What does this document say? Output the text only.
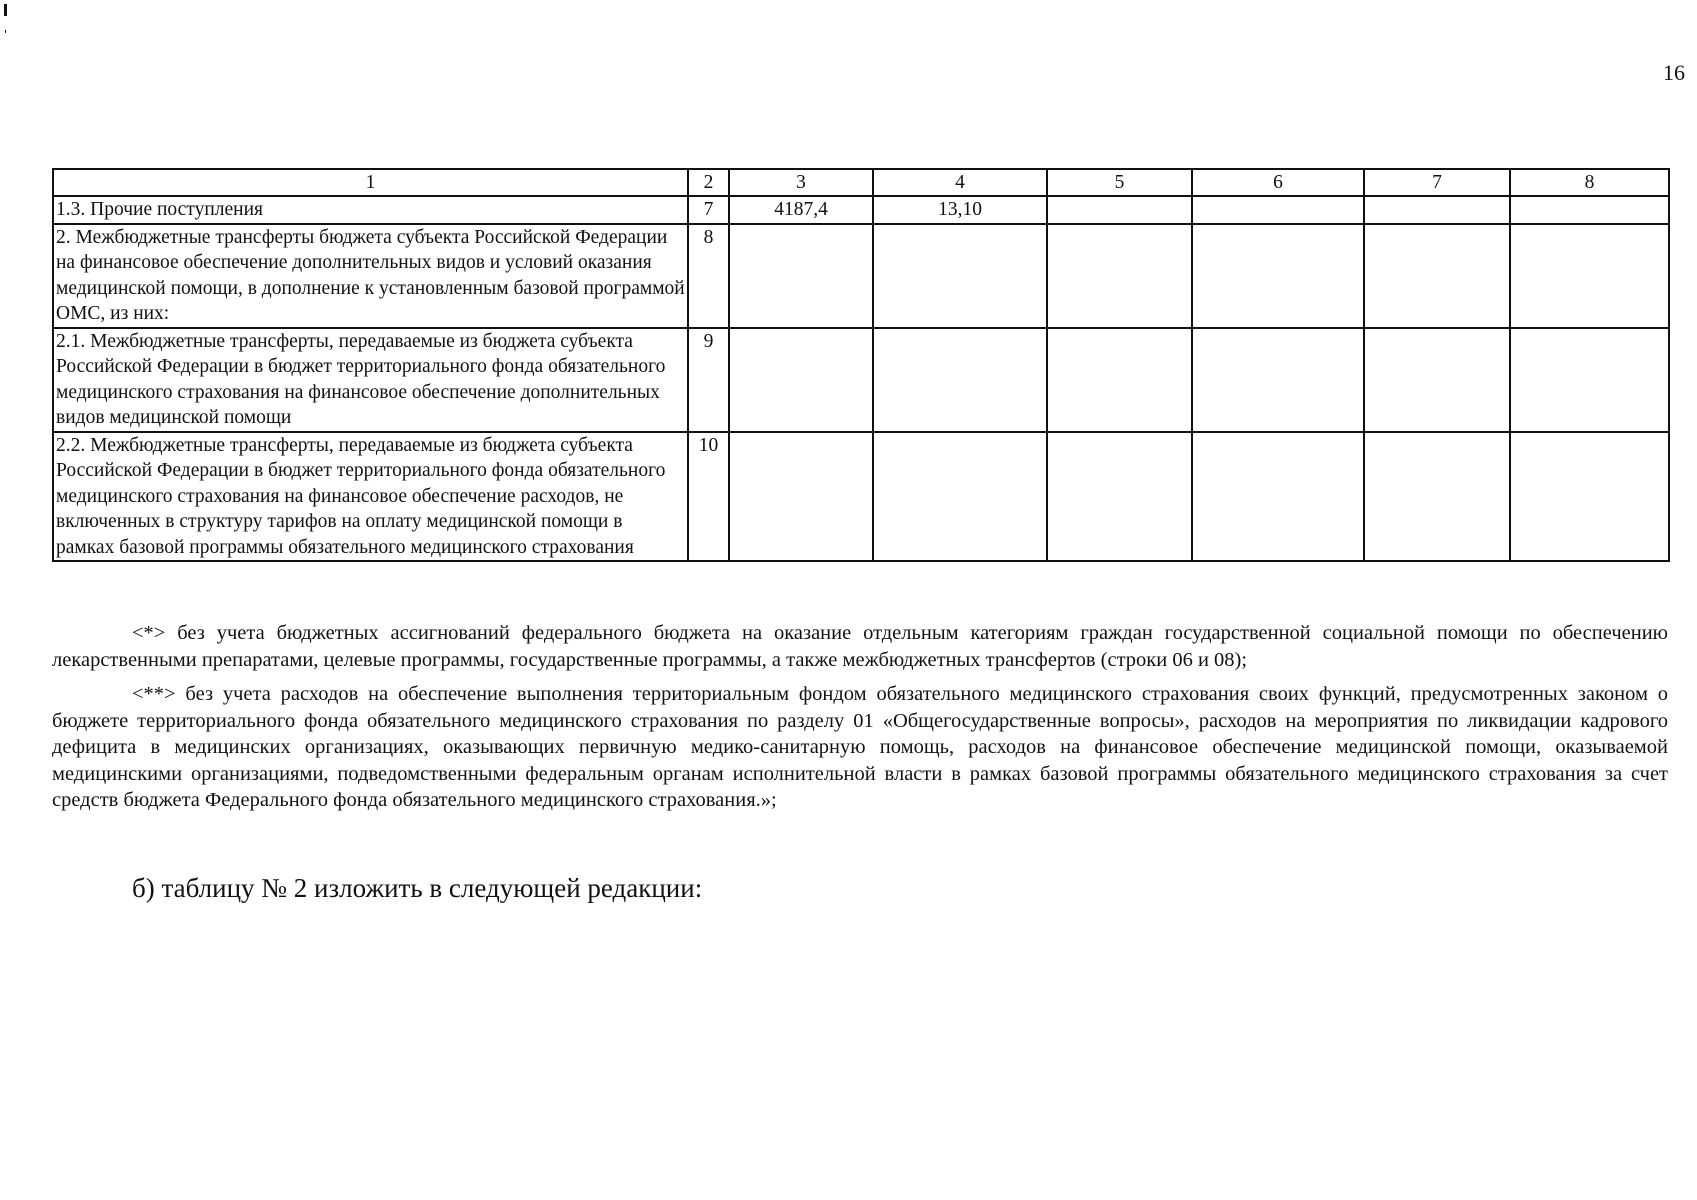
16
1	2	3	4	5	6	7	8
1.3. Прочие поступления	7	4187,4	13,10				
2. Межбюджетные трансферты бюджета субъекта Российской Федерации на финансовое обеспечение дополнительных видов и условий оказания медицинской помощи, в дополнение к установленным базовой программой ОМС, из них:	8						
2.1. Межбюджетные трансферты, передаваемые из бюджета субъекта Российской Федерации в бюджет территориального фонда обязательного медицинского страхования на финансовое обеспечение дополнительных видов медицинской помощи	9						
2.2. Межбюджетные трансферты, передаваемые из бюджета субъекта Российской Федерации в бюджет территориального фонда обязательного медицинского страхования на финансовое обеспечение расходов, не включенных в структуру тарифов на оплату медицинской помощи в рамках базовой программы обязательного медицинского страхования	10						

<*> без учета бюджетных ассигнований федерального бюджета на оказание отдельным категориям граждан государственной социальной помощи по обеспечению лекарственными препаратами, целевые программы, государственные программы, а также межбюджетных трансфертов (строки 06 и 08);

<**> без учета расходов на обеспечение выполнения территориальным фондом обязательного медицинского страхования своих функций, предусмотренных законом о бюджете территориального фонда обязательного медицинского страхования по разделу 01 «Общегосударственные вопросы», расходов на мероприятия по ликвидации кадрового дефицита в медицинских организациях, оказывающих первичную медико-санитарную помощь, расходов на финансовое обеспечение медицинской помощи, оказываемой медицинскими организациями, подведомственными федеральным органам исполнительной власти в рамках базовой программы обязательного медицинского страхования за счет средств бюджета Федерального фонда обязательного медицинского страхования.»;

б) таблицу № 2 изложить в следующей редакции:
